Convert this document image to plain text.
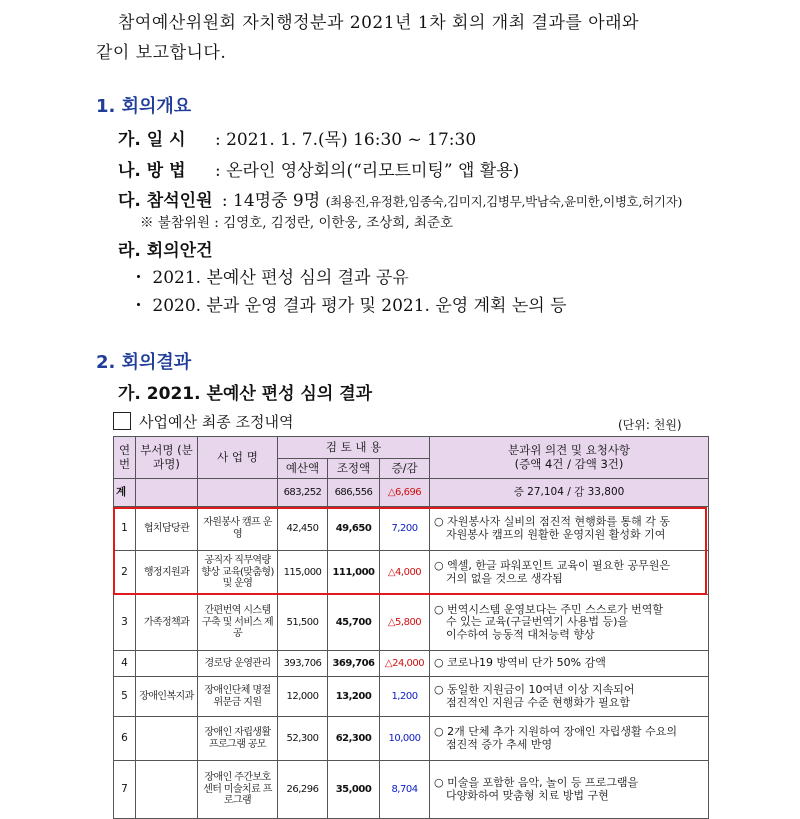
참여예산위원회 자치행정분과 2021년 1차 회의 개최 결과를 아래와
같이 보고합니다.
1. 회의개요
가. 일 시 : 2021. 1. 7.(목) 16:30 ~ 17:30
나. 방 법 : 온라인 영상회의(“리모트미팅” 앱 활용)
다. 참석인원 : 14명중 9명 (최용진,유정환,임종숙,김미지,김병무,박남숙,윤미한,이병호,허기자)
※ 불참위원 : 김영호, 김정란, 이한웅, 조상희, 최준호
라. 회의안건
・ 2021. 본예산 편성 심의 결과 공유
・ 2020. 분과 운영 결과 평가 및 2021. 운영 계획 논의 등
2. 회의결과
가. 2021. 본예산 편성 심의 결과
사업예산 최종 조정내역	(단위: 천원)
연번	부서명 (분과명)	사 업 명	검 토 내 용			분과위 의견 및 요청사항
(증액 4건 / 감액 3건)
			예산액	조정액	증/감	
계			683,252	686,556	△6,696	증 27,104 / 감 33,800
1	협치담당관	자원봉사 캠프 운영	42,450	49,650	7,200	○ 자원봉사자 실비의 점진적 현행화를 통해 각 동
자원봉사 캠프의 원활한 운영지원 활성화 기여

2	행정지원과	공직자 직무역량 향상 교육(맞춤형) 및 운영	115,000	111,000	△4,000	○ 엑셀, 한글 파워포인트 교육이 필요한 공무원은
거의 없을 것으로 생각됨

3	가족정책과	간편번역 시스템구축 및 서비스 제공	51,500	45,700	△5,800	○ 번역시스템 운영보다는 주민 스스로가 번역할
수 있는 교육(구글번역기 사용법 등)을
이수하여 능동적 대처능력 향상

4		경로당 운영관리	393,706	369,706	△24,000	○ 코로나19 방역비 단가 50% 감액
5	장애인복지과	장애인단체 명절위문금 지원	12,000	13,200	1,200	○ 동일한 지원금이 10여년 이상 지속되어
점진적인 지원금 수준 현행화가 필요함

6		장애인 자립생활 프로그램 공모	52,300	62,300	10,000	○ 2개 단체 추가 지원하여 장애인 자립생활 수요의
점진적 증가 추세 반영

7		장애인 주간보호센터 미술치료 프로그램	26,296	35,000	8,704	○ 미술을 포함한 음악, 놀이 등 프로그램을
다양화하여 맞춤형 치료 방법 구현
